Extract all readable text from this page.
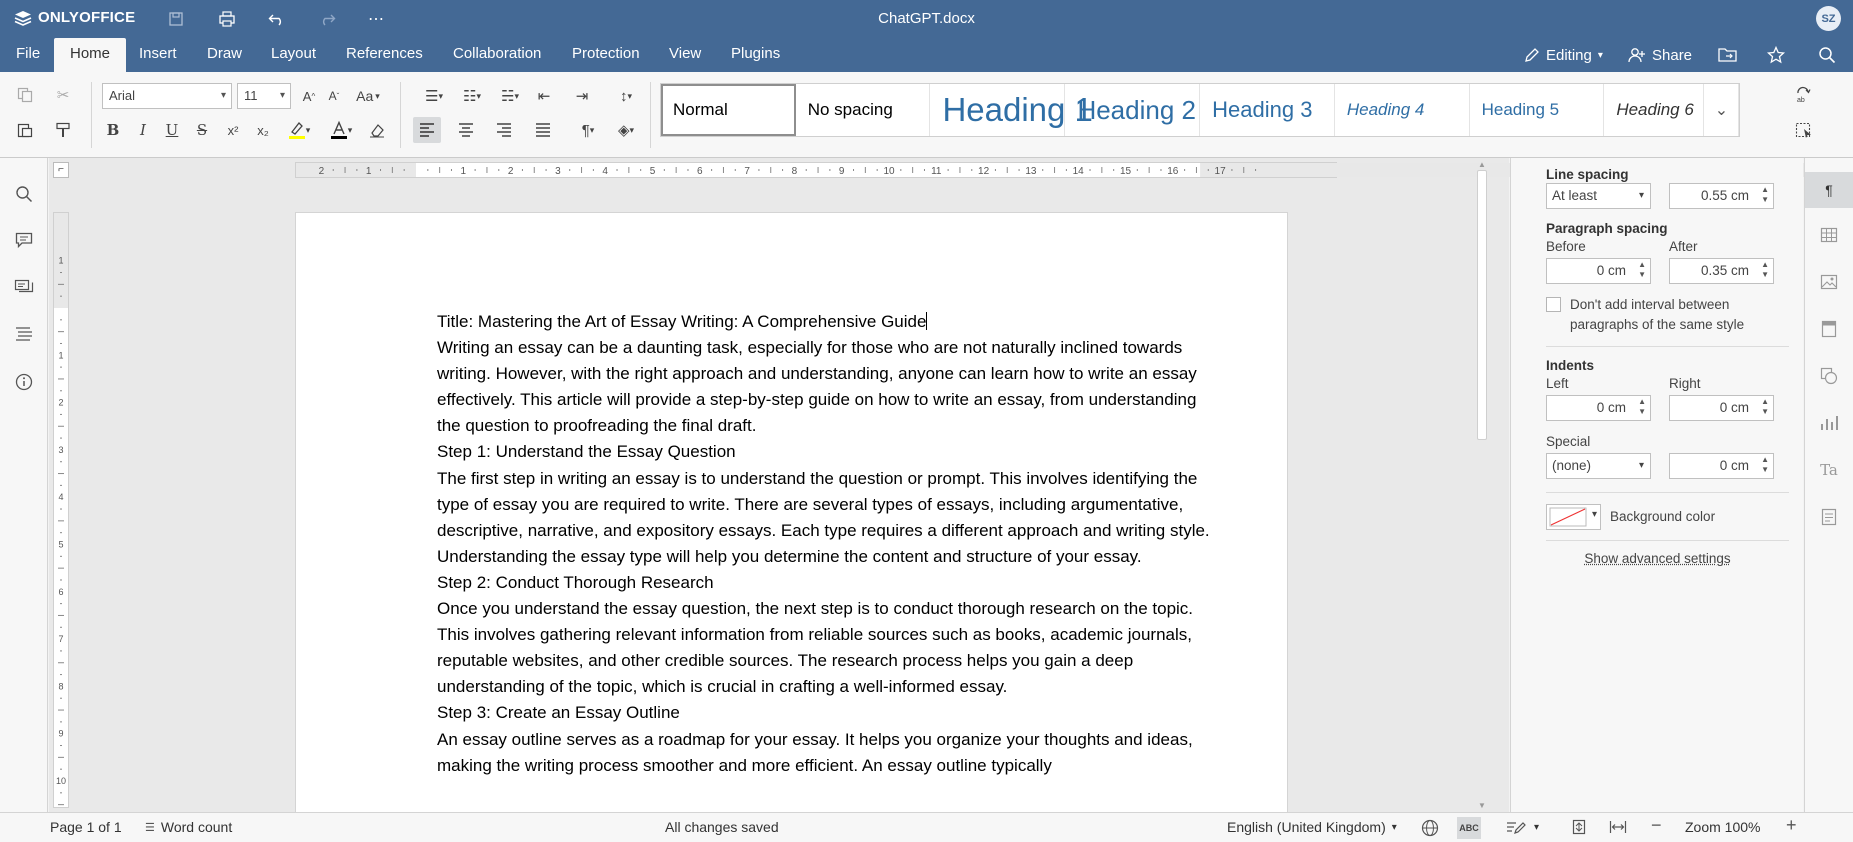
ONLYOFFICE	⋯	ChatGPT.docx	SZ
File	Home	Insert	Draw	Layout	References	Collaboration	Protection	View	Plugins	Editing ▾	Share
✂	Arial	▾	11 ▾	A ^	A ˇ Aa ▾
B	I	U	S	x²	x₂	▾	▾
☰ ▾ ☷ ▾ ☵ ▾	⇤	⇥	↕ ▾
¶ ▾ ◈ ▾
Normal	No spacing	Heading 1
Heading 2 Heading 3	Heading 4	Heading 5	Heading 6	⌄
ab
⌐	2	1	1	2	3	4	5	6	7	8	9	10	11	12	13	14	15	16	17
1
1
2
3
4
5
6
7
8
9
10

Title: Mastering the Art of Essay Writing: A Comprehensive Guide

Writing an essay can be a daunting task, especially for those who are not naturally inclined towards writing. However, with the right approach and understanding, anyone can learn how to write an essay effectively. This article will provide a step-by-step guide on how to write an essay, from understanding the question to proofreading the final draft.

Step 1: Understand the Essay Question

The first step in writing an essay is to understand the question or prompt. This involves identifying the type of essay you are required to write. There are several types of essays, including argumentative, descriptive, narrative, and expository essays. Each type requires a different approach and writing style. Understanding the essay type will help you determine the content and structure of your essay.

Step 2: Conduct Thorough Research

Once you understand the essay question, the next step is to conduct thorough research on the topic. This involves gathering relevant information from reliable sources such as books, academic journals, reputable websites, and other credible sources. The research process helps you gain a deep understanding of the topic, which is crucial in crafting a well-informed essay.

Step 3: Create an Essay Outline

An essay outline serves as a roadmap for your essay. It helps you organize your thoughts and ideas, making the writing process smoother and more efficient. An essay outline typically

▲
▼
Line spacing
At least	▾	0.55 cm ▲
▼
Paragraph spacing
Before	After
0 cm ▲
▼	0.35 cm ▲
▼
Don't add interval between paragraphs of the same style
Indents
Left	Right
0 cm ▲
▼	0 cm ▲
▼
Special
(none)	▾	0 cm ▲
▼
▾ Background color
Show advanced settings
¶
Ta
Page 1 of 1 ☰ Word count	All changes saved	English (United Kingdom) ▾	ABC	▾	− Zoom 100% +
